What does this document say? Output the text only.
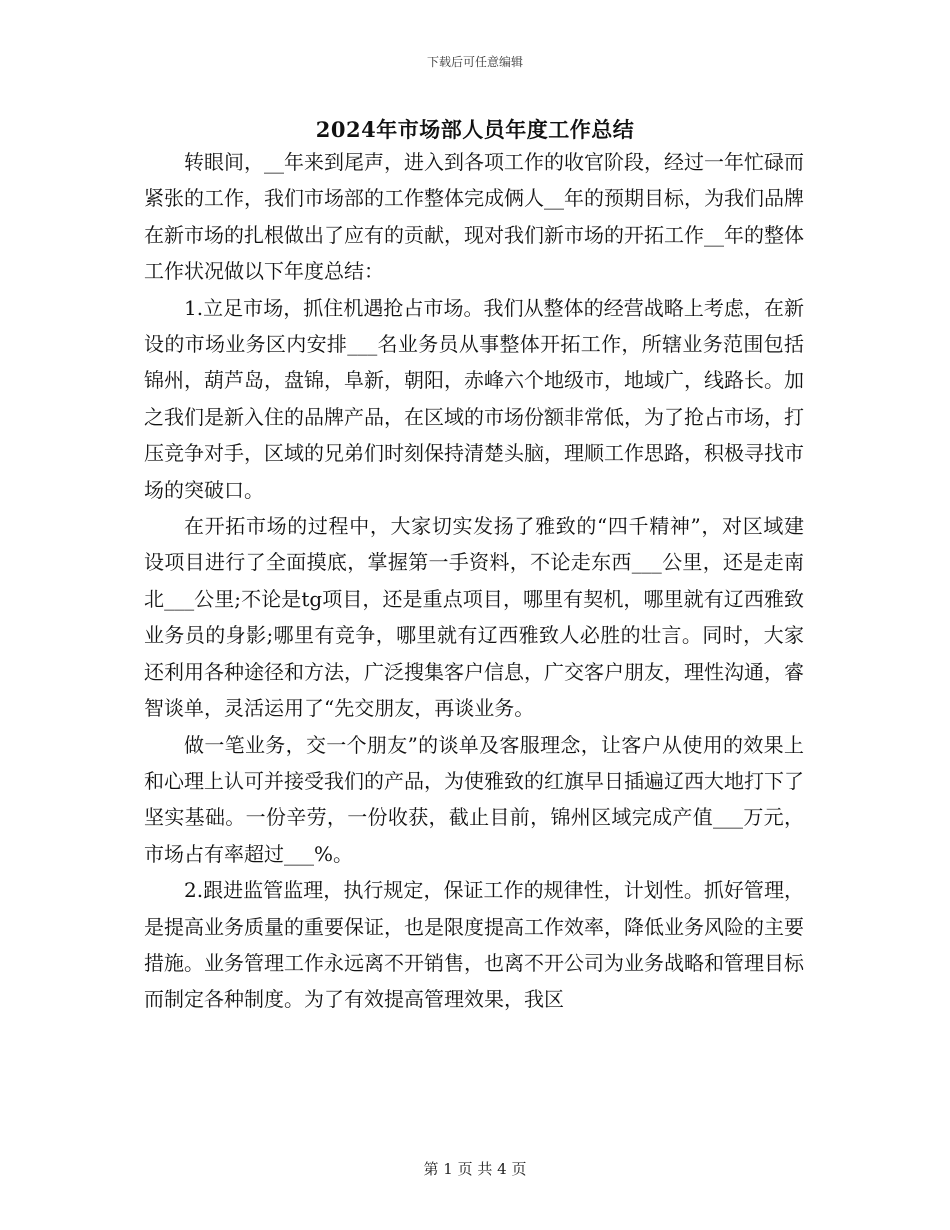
下载后可任意编辑
2024年市场部人员年度工作总结

转眼间，__年来到尾声，进入到各项工作的收官阶段，经过一年忙碌而紧张的工作，我们市场部的工作整体完成俩人__年的预期目标，为我们品牌在新市场的扎根做出了应有的贡献，现对我们新市场的开拓工作__年的整体工作状况做以下年度总结：

1.立足市场，抓住机遇抢占市场。我们从整体的经营战略上考虑，在新设的市场业务区内安排___名业务员从事整体开拓工作，所辖业务范围包括锦州，葫芦岛，盘锦，阜新，朝阳，赤峰六个地级市，地域广，线路长。加之我们是新入住的品牌产品，在区域的市场份额非常低，为了抢占市场，打压竞争对手，区域的兄弟们时刻保持清楚头脑，理顺工作思路，积极寻找市场的突破口。

在开拓市场的过程中，大家切实发扬了雅致的“四千精神”，对区域建设项目进行了全面摸底，掌握第一手资料，不论走东西___公里，还是走南北___公里;不论是tg项目，还是重点项目，哪里有契机，哪里就有辽西雅致业务员的身影;哪里有竞争，哪里就有辽西雅致人必胜的壮言。同时，大家还利用各种途径和方法，广泛搜集客户信息，广交客户朋友，理性沟通，睿智谈单，灵活运用了“先交朋友，再谈业务。

做一笔业务，交一个朋友”的谈单及客服理念，让客户从使用的效果上和心理上认可并接受我们的产品，为使雅致的红旗早日插遍辽西大地打下了坚实基础。一份辛劳，一份收获，截止目前，锦州区域完成产值___万元，市场占有率超过___%。

2.跟进监管监理，执行规定，保证工作的规律性，计划性。抓好管理，是提高业务质量的重要保证，也是限度提高工作效率，降低业务风险的主要措施。业务管理工作永远离不开销售，也离不开公司为业务战略和管理目标而制定各种制度。为了有效提高管理效果，我区

第 1 页 共 4 页
